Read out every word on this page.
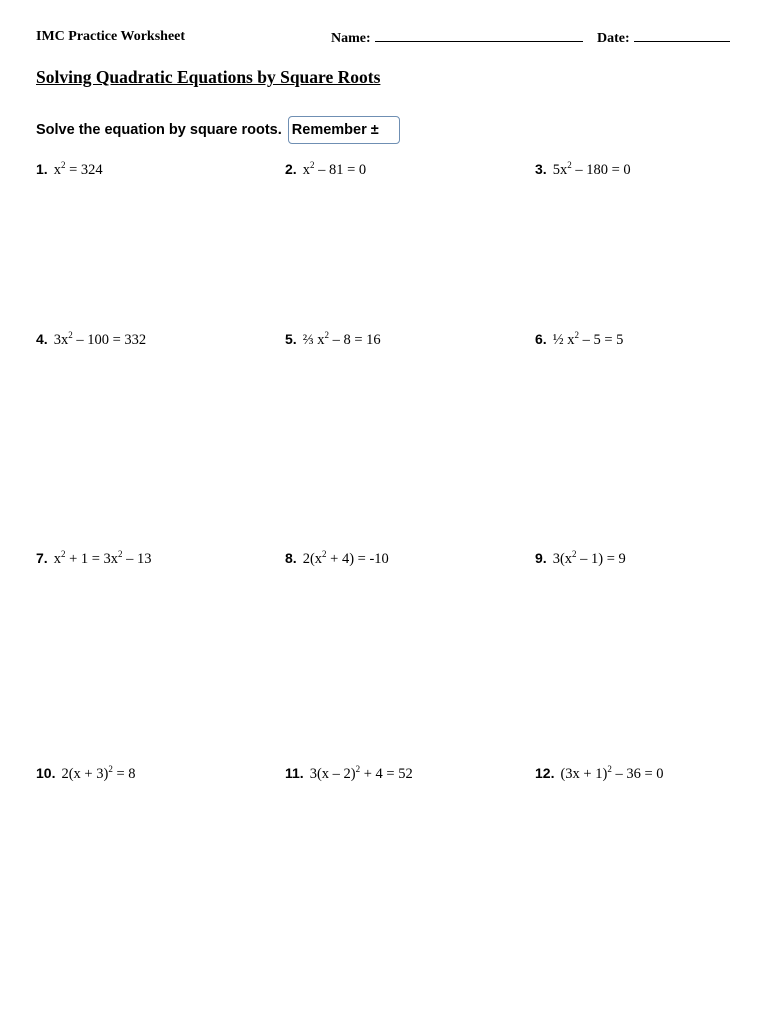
IMC Practice Worksheet	Name:	Date:
Solving Quadratic Equations by Square Roots
Solve the equation by square roots. Remember ±
1. $x^2 = 324$	2. $x^2 - 81 = 0$	3. $5x^2 - 180 = 0$
4. $3x^2 - 100 = 332$	5. ⅔ $x^2 - 8 = 16$	6. ½ $x^2 - 5 = 5$
7. $x^2 + 1 = 3x^2 - 13$	8. $2(x^2 + 4) = -10$	9. $3(x^2 - 1) = 9$
10. $2(x + 3)^2 = 8$	11. 3(x – 2)$^2$ + 4 = 52	12. $(3x + 1)^2 - 36 = 0$
